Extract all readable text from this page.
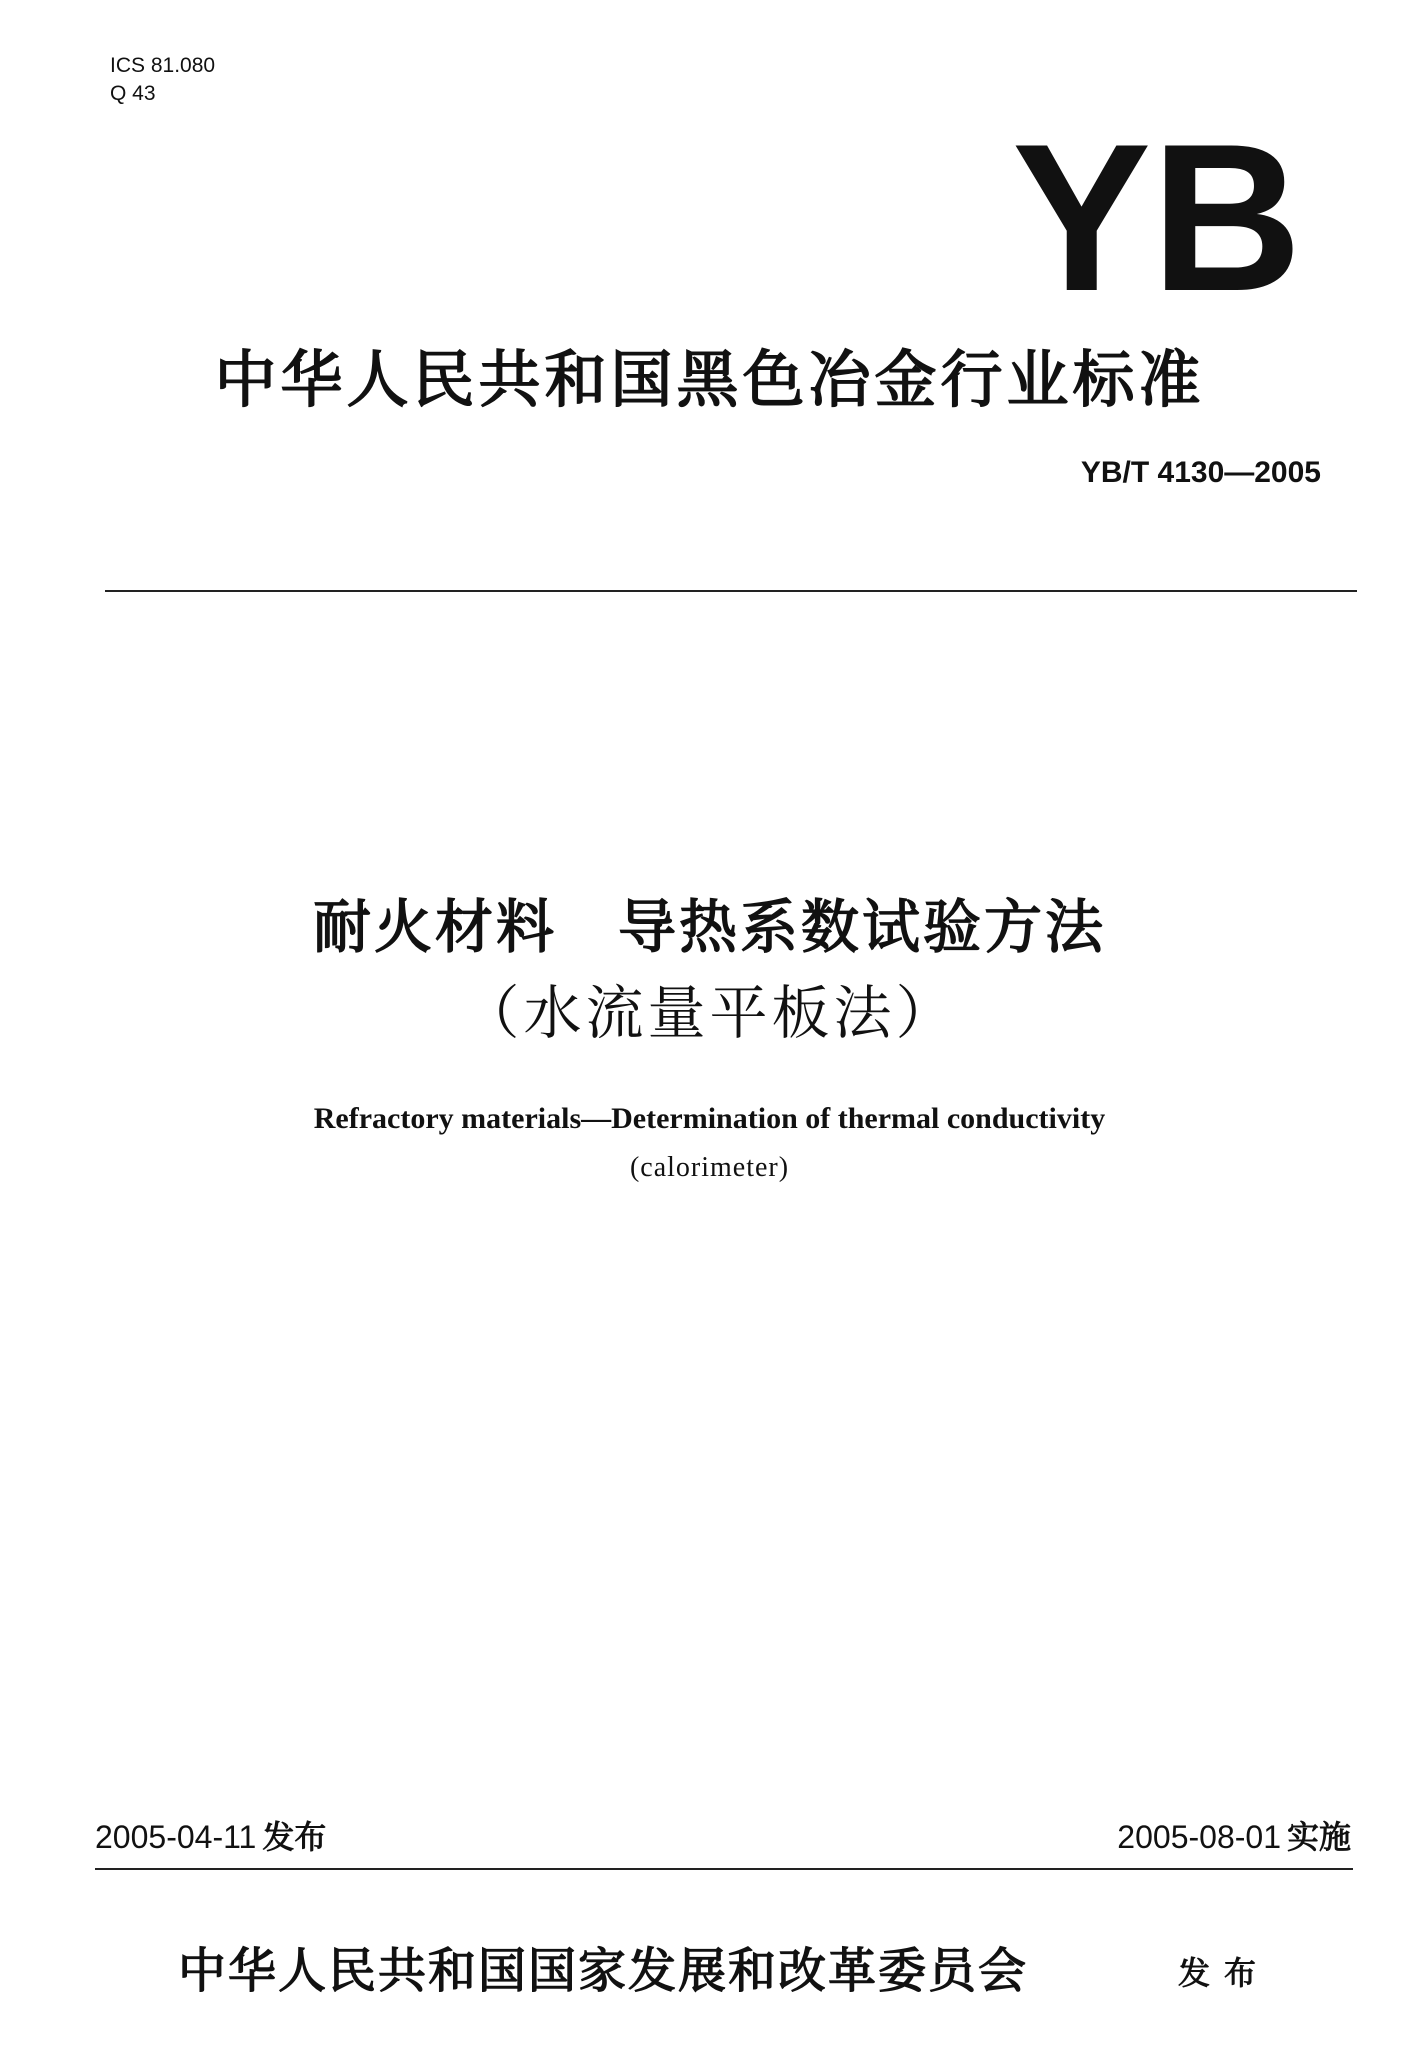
ICS 81.080
Q 43
YB
中华人民共和国黑色冶金行业标准
YB/T 4130—2005
耐火材料　导热系数试验方法
（水流量平板法）
Refractory materials—Determination of thermal conductivity
(calorimeter)
2005-04-11 发布	2005-08-01 实施
中华人民共和国国家发展和改革委员会	发布
